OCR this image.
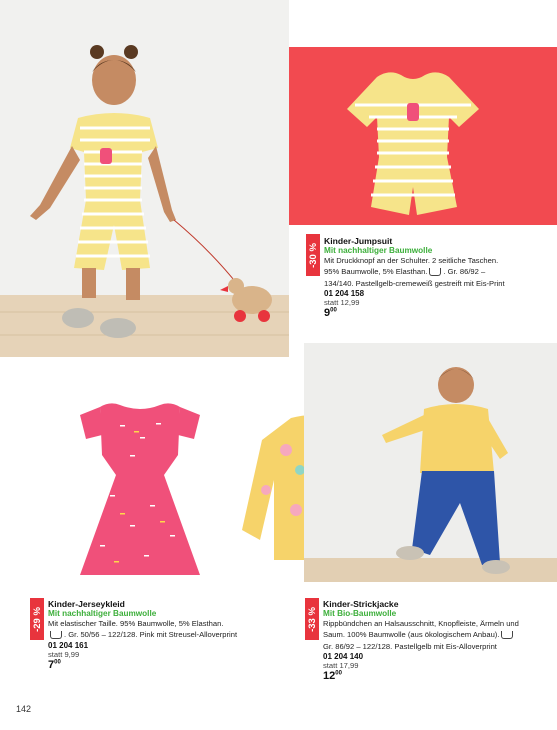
-30 %
Kinder-Jumpsuit
Mit nachhaltiger Baumwolle
Mit Druckknopf an der Schulter. 2 seitliche Taschen.
95% Baumwolle, 5% Elasthan. . Gr. 86/92 –
134/140. Pastellgelb-cremeweiß gestreift mit Eis-Print
01 204 158
statt 12,99
$9^{00}$
-29 %
Kinder-Jerseykleid
Mit nachhaltiger Baumwolle
Mit elastischer Taille. 95% Baumwolle, 5% Elasthan.
. Gr. 50/56 – 122/128. Pink mit Streusel-Alloverprint
01 204 161
statt 9,99
$7^{00}$
-33 %
Kinder-Strickjacke
Mit Bio-Baumwolle
Rippbündchen an Halsausschnitt, Knopfleiste, Ärmeln und
Saum. 100% Baumwolle (aus ökologischem Anbau).
Gr. 86/92 – 122/128. Pastellgelb mit Eis-Alloverprint
01 204 140
statt 17,99
$12^{00}$
142
